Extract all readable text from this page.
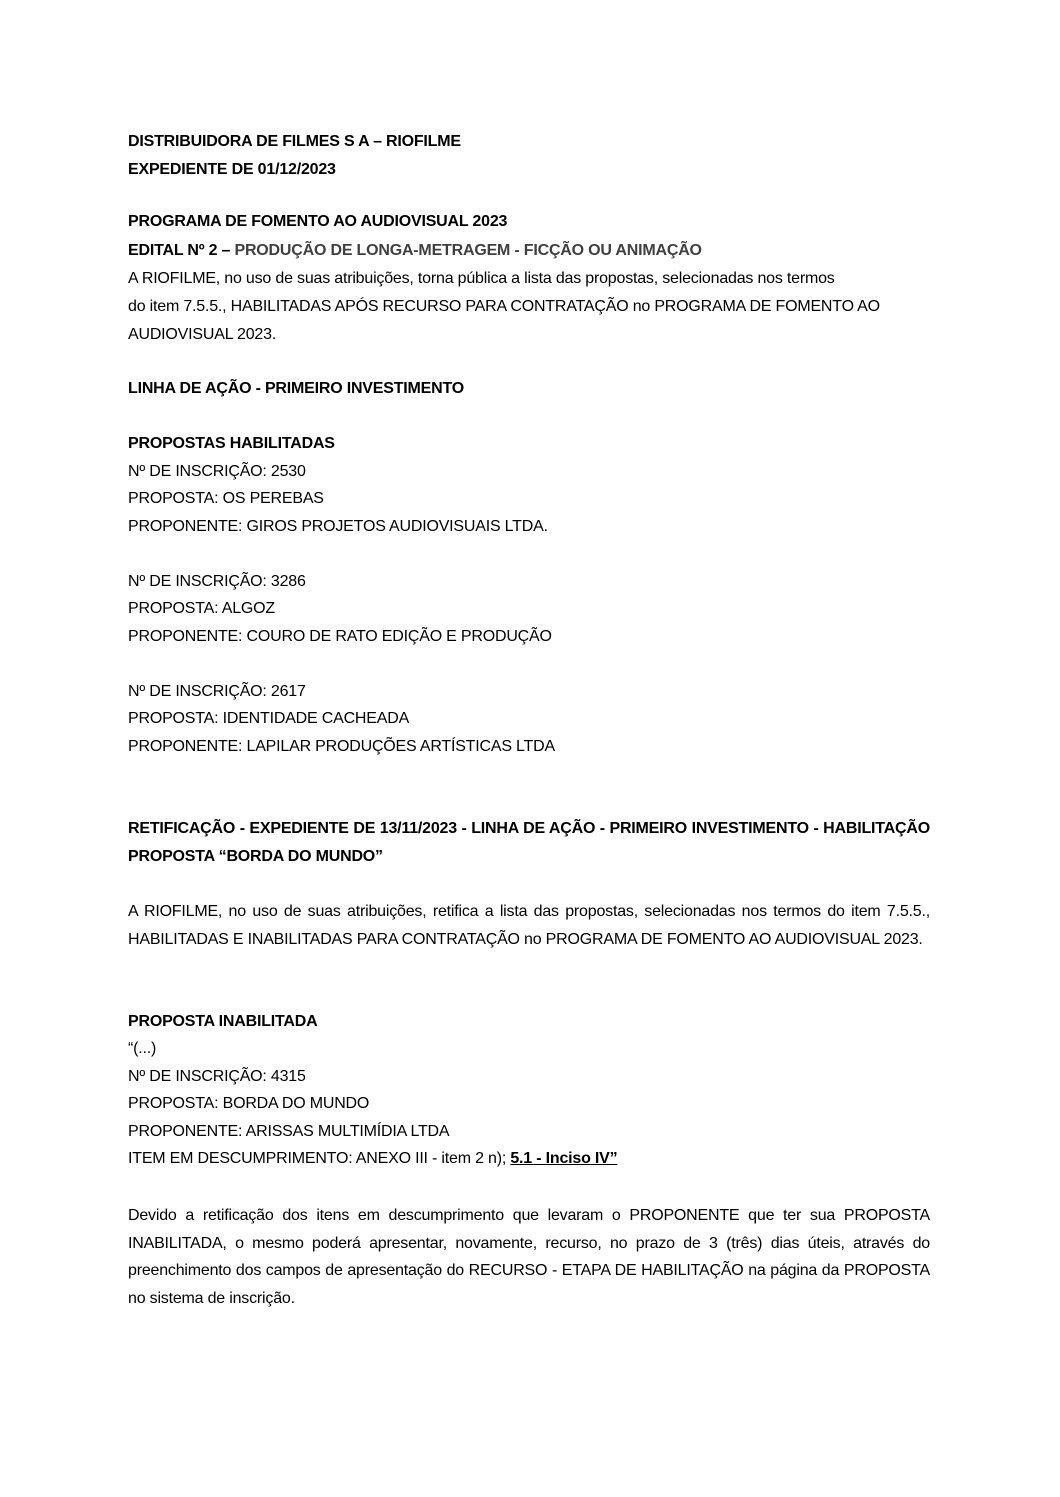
DISTRIBUIDORA DE FILMES S A – RIOFILME
EXPEDIENTE DE 01/12/2023
PROGRAMA DE FOMENTO AO AUDIOVISUAL 2023
EDITAL Nº 2 – PRODUÇÃO DE LONGA-METRAGEM - FICÇÃO OU ANIMAÇÃO
A RIOFILME, no uso de suas atribuições, torna pública a lista das propostas, selecionadas nos termos
do item 7.5.5., HABILITADAS APÓS RECURSO PARA CONTRATAÇÃO no PROGRAMA DE FOMENTO AO
AUDIOVISUAL 2023.
LINHA DE AÇÃO - PRIMEIRO INVESTIMENTO
PROPOSTAS HABILITADAS
Nº DE INSCRIÇÃO: 2530
PROPOSTA: OS PEREBAS
PROPONENTE: GIROS PROJETOS AUDIOVISUAIS LTDA.
Nº DE INSCRIÇÃO: 3286
PROPOSTA: ALGOZ
PROPONENTE: COURO DE RATO EDIÇÃO E PRODUÇÃO
Nº DE INSCRIÇÃO: 2617
PROPOSTA: IDENTIDADE CACHEADA
PROPONENTE: LAPILAR PRODUÇÕES ARTÍSTICAS LTDA
RETIFICAÇÃO - EXPEDIENTE DE 13/11/2023 - LINHA DE AÇÃO - PRIMEIRO INVESTIMENTO - HABILITAÇÃO PROPOSTA “BORDA DO MUNDO”
A RIOFILME, no uso de suas atribuições, retifica a lista das propostas, selecionadas nos termos do item 7.5.5., HABILITADAS E INABILITADAS PARA CONTRATAÇÃO no PROGRAMA DE FOMENTO AO AUDIOVISUAL 2023.
PROPOSTA INABILITADA
“(...)
Nº DE INSCRIÇÃO: 4315
PROPOSTA: BORDA DO MUNDO
PROPONENTE: ARISSAS MULTIMÍDIA LTDA
ITEM EM DESCUMPRIMENTO: ANEXO III - item 2 n); 5.1 - Inciso IV”
Devido a retificação dos itens em descumprimento que levaram o PROPONENTE que ter sua PROPOSTA INABILITADA, o mesmo poderá apresentar, novamente, recurso, no prazo de 3 (três) dias úteis, através do preenchimento dos campos de apresentação do RECURSO - ETAPA DE HABILITAÇÃO na página da PROPOSTA no sistema de inscrição.
